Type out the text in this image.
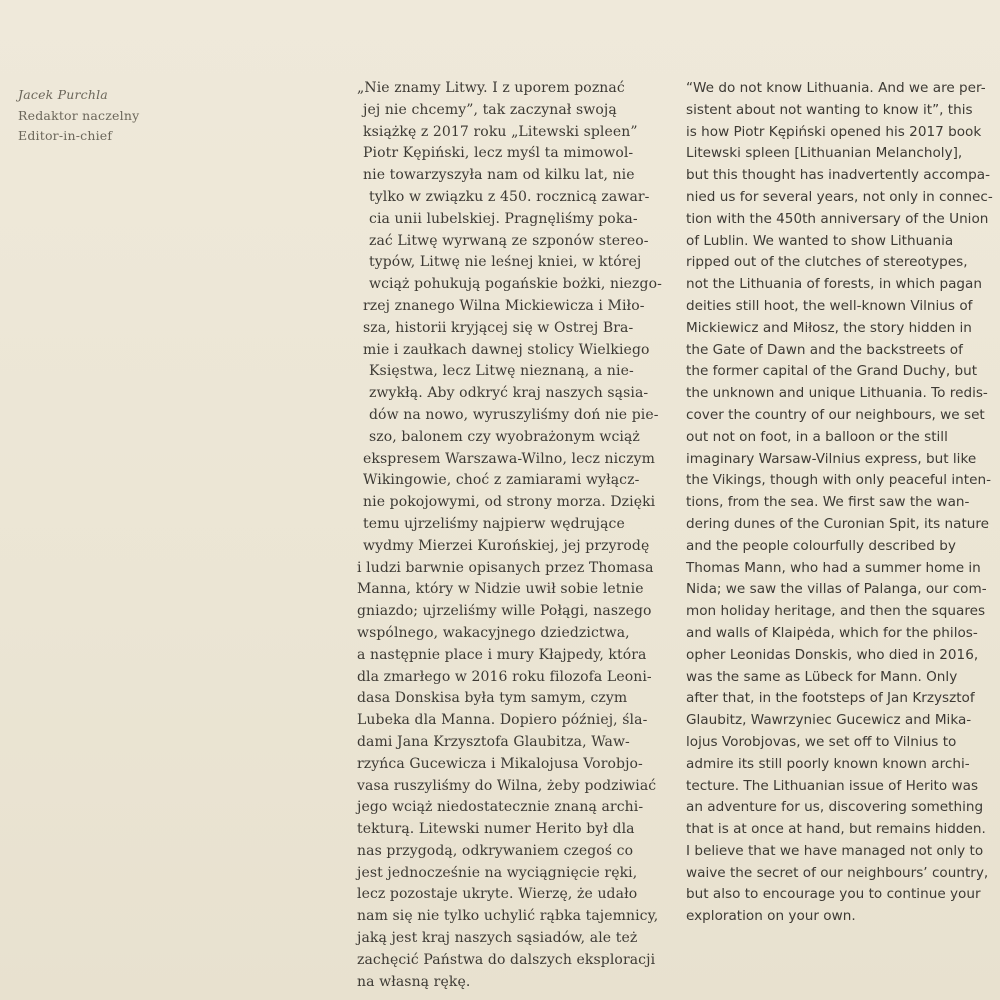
Jacek Purchla
Redaktor naczelny
Editor-in-chief
„Nie znamy Litwy. I z uporem poznać
jej nie chcemy”, tak zaczynał swoją
książkę z 2017 roku „Litewski spleen”
Piotr Kępiński, lecz myśl ta mimowol-
nie towarzyszyła nam od kilku lat, nie
tylko w związku z 450. rocznicą zawar-
cia unii lubelskiej. Pragnęliśmy poka-
zać Litwę wyrwaną ze szponów stereo-
typów, Litwę nie leśnej kniei, w której
wciąż pohukują pogańskie bożki, niezgo-
rzej znanego Wilna Mickiewicza i Miło-
sza, historii kryjącej się w Ostrej Bra-
mie i zaułkach dawnej stolicy Wielkiego
Księstwa, lecz Litwę nieznaną, a nie-
zwykłą. Aby odkryć kraj naszych sąsia-
dów na nowo, wyruszyliśmy doń nie pie-
szo, balonem czy wyobrażonym wciąż
ekspresem Warszawa-Wilno, lecz niczym
Wikingowie, choć z zamiarami wyłącz-
nie pokojowymi, od strony morza. Dzięki
temu ujrzeliśmy najpierw wędrujące
wydmy Mierzei Kurońskiej, jej przyrodę
i ludzi barwnie opisanych przez Thomasa
Manna, który w Nidzie uwił sobie letnie
gniazdo; ujrzeliśmy wille Połągi, naszego
wspólnego, wakacyjnego dziedzictwa,
a następnie place i mury Kłajpedy, która
dla zmarłego w 2016 roku filozofa Leoni-
dasa Donskisa była tym samym, czym
Lubeka dla Manna. Dopiero później, śla-
dami Jana Krzysztofa Glaubitza, Waw-
rzyńca Gucewicza i Mikalojusa Vorobjo-
vasa ruszyliśmy do Wilna, żeby podziwiać
jego wciąż niedostatecznie znaną archi-
tekturą. Litewski numer Herito był dla
nas przygodą, odkrywaniem czegoś co
jest jednocześnie na wyciągnięcie ręki,
lecz pozostaje ukryte. Wierzę, że udało
nam się nie tylko uchylić rąbka tajemnicy,
jaką jest kraj naszych sąsiadów, ale też
zachęcić Państwa do dalszych eksploracji
na własną rękę.
“We do not know Lithuania. And we are per-
sistent about not wanting to know it”, this
is how Piotr Kępiński opened his 2017 book
Litewski spleen [Lithuanian Melancholy],
but this thought has inadvertently accompa-
nied us for several years, not only in connec-
tion with the 450th anniversary of the Union
of Lublin. We wanted to show Lithuania
ripped out of the clutches of stereotypes,
not the Lithuania of forests, in which pagan
deities still hoot, the well-known Vilnius of
Mickiewicz and Miłosz, the story hidden in
the Gate of Dawn and the backstreets of
the former capital of the Grand Duchy, but
the unknown and unique Lithuania. To redis-
cover the country of our neighbours, we set
out not on foot, in a balloon or the still
imaginary Warsaw-Vilnius express, but like
the Vikings, though with only peaceful inten-
tions, from the sea. We first saw the wan-
dering dunes of the Curonian Spit, its nature
and the people colourfully described by
Thomas Mann, who had a summer home in
Nida; we saw the villas of Palanga, our com-
mon holiday heritage, and then the squares
and walls of Klaipėda, which for the philos-
opher Leonidas Donskis, who died in 2016,
was the same as Lübeck for Mann. Only
after that, in the footsteps of Jan Krzysztof
Glaubitz, Wawrzyniec Gucewicz and Mika-
lojus Vorobjovas, we set off to Vilnius to
admire its still poorly known known archi-
tecture. The Lithuanian issue of Herito was
an adventure for us, discovering something
that is at once at hand, but remains hidden.
I believe that we have managed not only to
waive the secret of our neighbours’ country,
but also to encourage you to continue your
exploration on your own.
